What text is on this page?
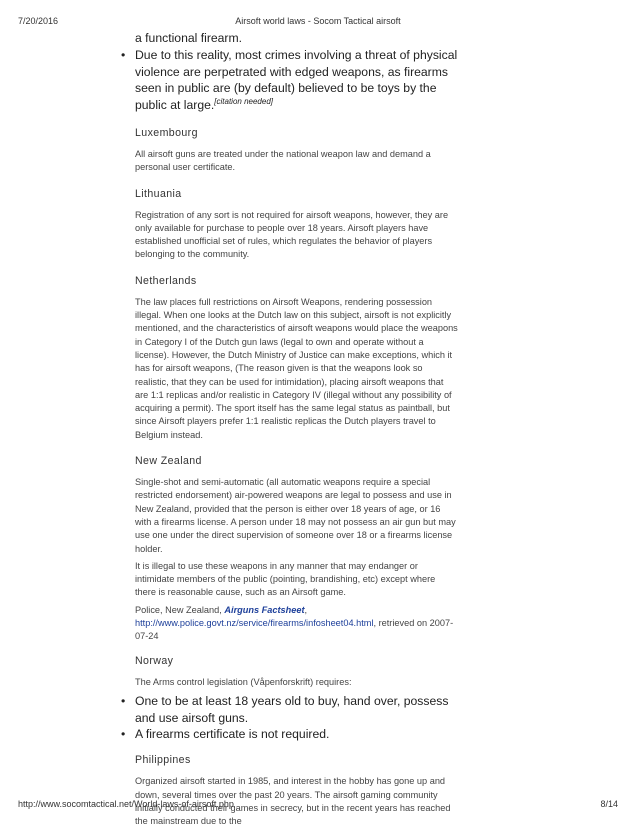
7/20/2016	Airsoft world laws - Socom Tactical airsoft

a functional firearm.

• Due to this reality, most crimes involving a threat of physical violence are perpetrated with edged weapons, as firearms seen in public are (by default) believed to be toys by the public at large.[citation needed]
Luxembourg

All airsoft guns are treated under the national weapon law and demand a personal user certificate.

Lithuania

Registration of any sort is not required for airsoft weapons, however, they are only available for purchase to people over 18 years. Airsoft players have established unofficial set of rules, which regulates the behavior of players belonging to the community.

Netherlands

The law places full restrictions on Airsoft Weapons, rendering possession illegal. When one looks at the Dutch law on this subject, airsoft is not explicitly mentioned, and the characteristics of airsoft weapons would place the weapons in Category I of the Dutch gun laws (legal to own and operate without a license). However, the Dutch Ministry of Justice can make exceptions, which it has for airsoft weapons, (The reason given is that the weapons look so realistic, that they can be used for intimidation), placing airsoft weapons that are 1:1 replicas and/or realistic in Category IV (illegal without any possibility of acquiring a permit). The sport itself has the same legal status as paintball, but since Airsoft players prefer 1:1 realistic replicas the Dutch players travel to Belgium instead.

New Zealand

Single-shot and semi-automatic (all automatic weapons require a special restricted endorsement) air-powered weapons are legal to possess and use in New Zealand, provided that the person is either over 18 years of age, or 16 with a firearms license. A person under 18 may not possess an air gun but may use one under the direct supervision of someone over 18 or a firearms license holder.

It is illegal to use these weapons in any manner that may endanger or intimidate members of the public (pointing, brandishing, etc) except where there is reasonable cause, such as an Airsoft game.

Police, New Zealand, Airguns Factsheet, http://www.police.govt.nz/service/firearms/infosheet04.html, retrieved on 2007-07-24

Norway

The Arms control legislation (Våpenforskrift) requires:

• One to be at least 18 years old to buy, hand over, possess and use airsoft guns.
• A firearms certificate is not required.
Philippines

Organized airsoft started in 1985, and interest in the hobby has gone up and down, several times over the past 20 years. The airsoft gaming community initially conducted their games in secrecy, but in the recent years has reached the mainstream due to the

http://www.socomtactical.net/World-laws-of-airsoft.php	8/14
